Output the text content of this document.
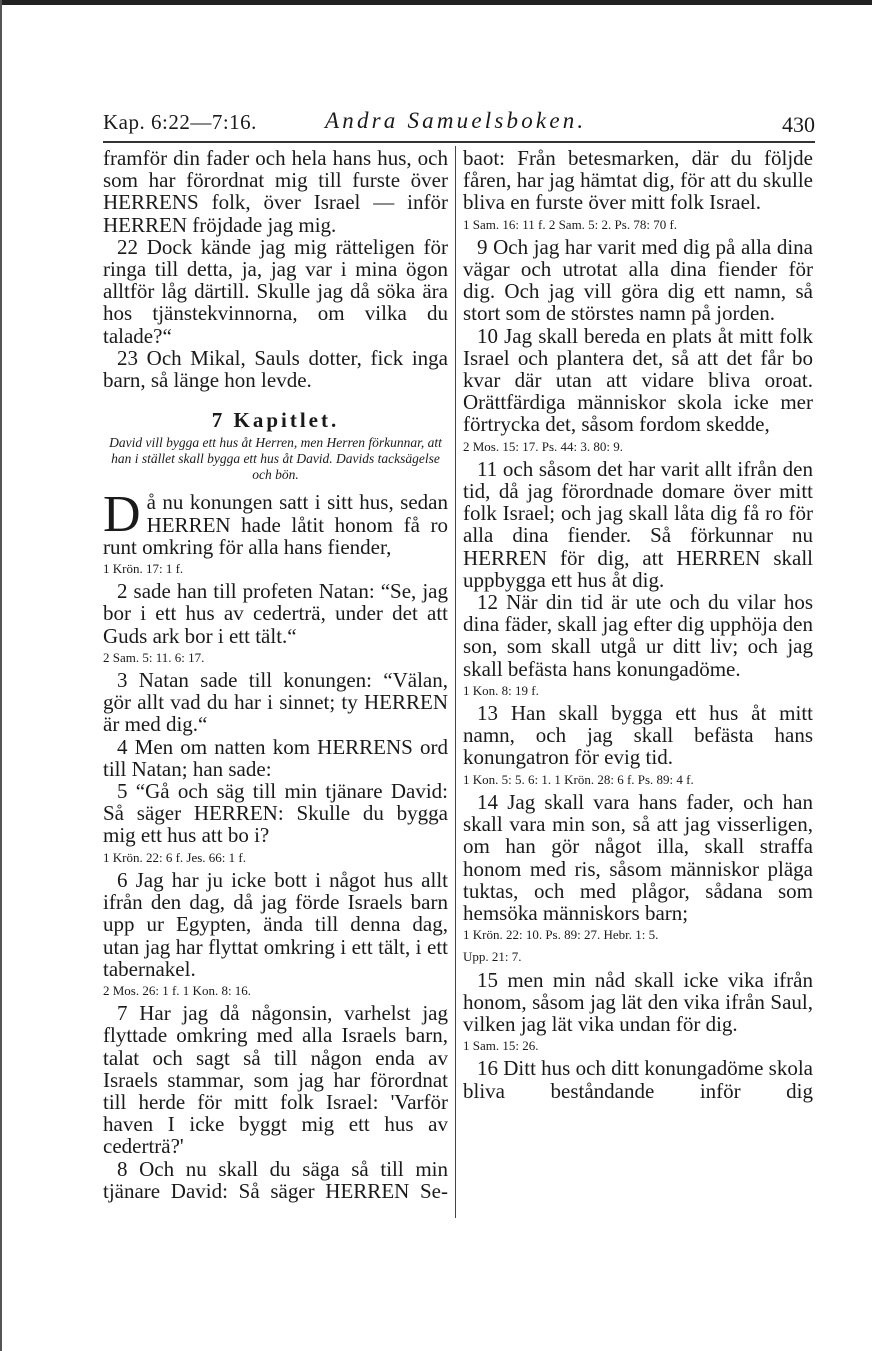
Kap. 6:22—7:16.	Andra Samuelsboken.	430

framför din fader och hela hans hus, och som har förordnat mig till furste över HERRENS folk, över Israel — inför HERREN fröjdade jag mig.

22 Dock kände jag mig rätteligen för ringa till detta, ja, jag var i mina ögon alltför låg därtill. Skulle jag då söka ära hos tjänstekvinnorna, om vilka du talade?“

23 Och Mikal, Sauls dotter, fick inga barn, så länge hon levde.

7 Kapitlet.
David vill bygga ett hus åt Herren, men Herren förkunnar, att han i stället skall bygga ett hus åt David. Davids tacksägelse och bön.

Då nu konungen satt i sitt hus, sedan HERREN hade låtit honom få ro runt omkring för alla hans fiender,

1 Krön. 17: 1 f.

2 sade han till profeten Natan: “Se, jag bor i ett hus av cederträ, under det att Guds ark bor i ett tält.“

2 Sam. 5: 11. 6: 17.

3 Natan sade till konungen: “Välan, gör allt vad du har i sinnet; ty HERREN är med dig.“

4 Men om natten kom HERRENS ord till Natan; han sade:

5 “Gå och säg till min tjänare David: Så säger HERREN: Skulle du bygga mig ett hus att bo i?

1 Krön. 22: 6 f. Jes. 66: 1 f.

6 Jag har ju icke bott i något hus allt ifrån den dag, då jag förde Israels barn upp ur Egypten, ända till denna dag, utan jag har flyttat omkring i ett tält, i ett tabernakel.

2 Mos. 26: 1 f. 1 Kon. 8: 16.

7 Har jag då någonsin, varhelst jag flyttade omkring med alla Israels barn, talat och sagt så till någon enda av Israels stammar, som jag har förordnat till herde för mitt folk Israel: 'Varför haven I icke byggt mig ett hus av cederträ?'

8 Och nu skall du säga så till min tjänare David: Så säger HERREN Se-

baot: Från betesmarken, där du följde fåren, har jag hämtat dig, för att du skulle bliva en furste över mitt folk Israel.

1 Sam. 16: 11 f. 2 Sam. 5: 2. Ps. 78: 70 f.

9 Och jag har varit med dig på alla dina vägar och utrotat alla dina fiender för dig. Och jag vill göra dig ett namn, så stort som de störstes namn på jorden.

10 Jag skall bereda en plats åt mitt folk Israel och plantera det, så att det får bo kvar där utan att vidare bliva oroat. Orättfärdiga människor skola icke mer förtrycka det, såsom fordom skedde,

2 Mos. 15: 17. Ps. 44: 3. 80: 9.

11 och såsom det har varit allt ifrån den tid, då jag förordnade domare över mitt folk Israel; och jag skall låta dig få ro för alla dina fiender. Så förkunnar nu HERREN för dig, att HERREN skall uppbygga ett hus åt dig.

12 När din tid är ute och du vilar hos dina fäder, skall jag efter dig upphöja den son, som skall utgå ur ditt liv; och jag skall befästa hans konungadöme.

1 Kon. 8: 19 f.

13 Han skall bygga ett hus åt mitt namn, och jag skall befästa hans konungatron för evig tid.

1 Kon. 5: 5. 6: 1. 1 Krön. 28: 6 f. Ps. 89: 4 f.

14 Jag skall vara hans fader, och han skall vara min son, så att jag visserligen, om han gör något illa, skall straffa honom med ris, såsom människor pläga tuktas, och med plågor, sådana som hemsöka människors barn;

1 Krön. 22: 10. Ps. 89: 27. Hebr. 1: 5.

Upp. 21: 7.

15 men min nåd skall icke vika ifrån honom, såsom jag lät den vika ifrån Saul, vilken jag lät vika undan för dig.

1 Sam. 15: 26.

16 Ditt hus och ditt konungadöme skola bliva beståndande inför dig
